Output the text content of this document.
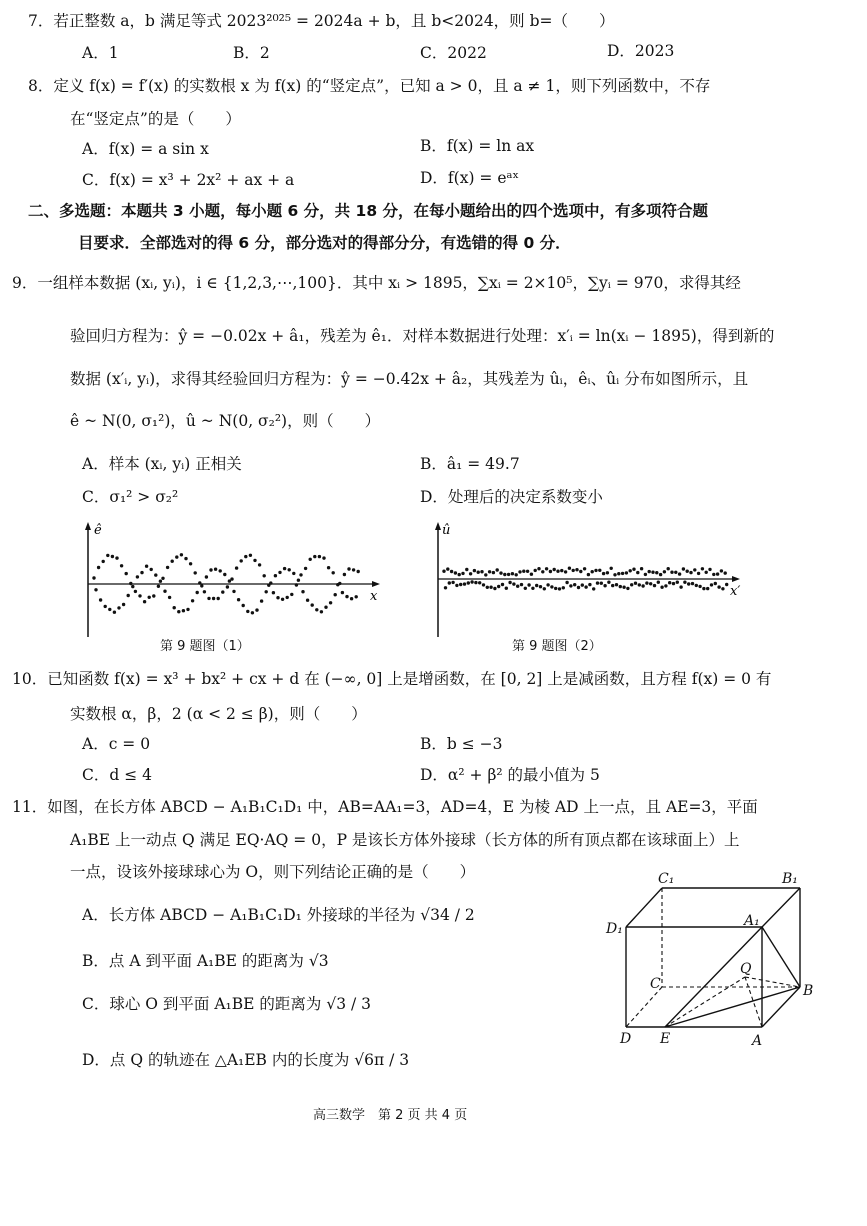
7．若正整数 a，b 满足等式 2023²⁰²⁵ = 2024a + b，且 b<2024，则 b=（　　）
A．1	B．2	C．2022	D．2023
8．定义 f(x) = f′(x) 的实数根 x 为 f(x) 的“竖定点”，已知 a > 0，且 a ≠ 1，则下列函数中，不存
在“竖定点”的是（　　）
A．f(x) = a sin x	B．f(x) = ln ax
C．f(x) = x³ + 2x² + ax + a	D．f(x) = eᵃˣ
二、多选题：本题共 3 小题，每小题 6 分，共 18 分，在每小题给出的四个选项中，有多项符合题
目要求．全部选对的得 6 分，部分选对的得部分分，有选错的得 0 分．
9．一组样本数据 (xᵢ, yᵢ)，i ∈ {1,2,3,⋯,100}．其中 xᵢ > 1895，∑xᵢ = 2×10⁵，∑yᵢ = 970，求得其经
验回归方程为：ŷ = −0.02x + â₁，残差为 ê₁．对样本数据进行处理：x′ᵢ = ln(xᵢ − 1895)，得到新的
数据 (x′ᵢ, yᵢ)，求得其经验回归方程为：ŷ = −0.42x + â₂，其残差为 ûᵢ，êᵢ、ûᵢ 分布如图所示，且
ê ~ N(0, σ₁²)，û ~ N(0, σ₂²)，则（　　）
A．样本 (xᵢ, yᵢ) 正相关	B．â₁ = 49.7
C．σ₁² > σ₂²	D．处理后的决定系数变小
ê
x
第 9 题图（1）
û
x′
第 9 题图（2）
10．已知函数 f(x) = x³ + bx² + cx + d 在 (−∞, 0] 上是增函数，在 [0, 2] 上是减函数，且方程 f(x) = 0 有
实数根 α，β，2 (α < 2 ≤ β)，则（　　）
A．c = 0	B．b ≤ −3
C．d ≤ 4	D．α² + β² 的最小值为 5
11．如图，在长方体 ABCD − A₁B₁C₁D₁ 中，AB=AA₁=3，AD=4，E 为棱 AD 上一点，且 AE=3，平面
A₁BE 上一动点 Q 满足 EQ·AQ = 0，P 是该长方体外接球（长方体的所有顶点都在该球面上）上
一点，设该外接球球心为 O，则下列结论正确的是（　　）
A．长方体 ABCD − A₁B₁C₁D₁ 外接球的半径为 √34 / 2
B．点 A 到平面 A₁BE 的距离为 √3
C．球心 O 到平面 A₁BE 的距离为 √3 / 3
D．点 Q 的轨迹在 △A₁EB 内的长度为 √6π / 3
C₁	B₁
D₁	A₁
Q
C	B
D E	A
高三数学　第 2 页 共 4 页
